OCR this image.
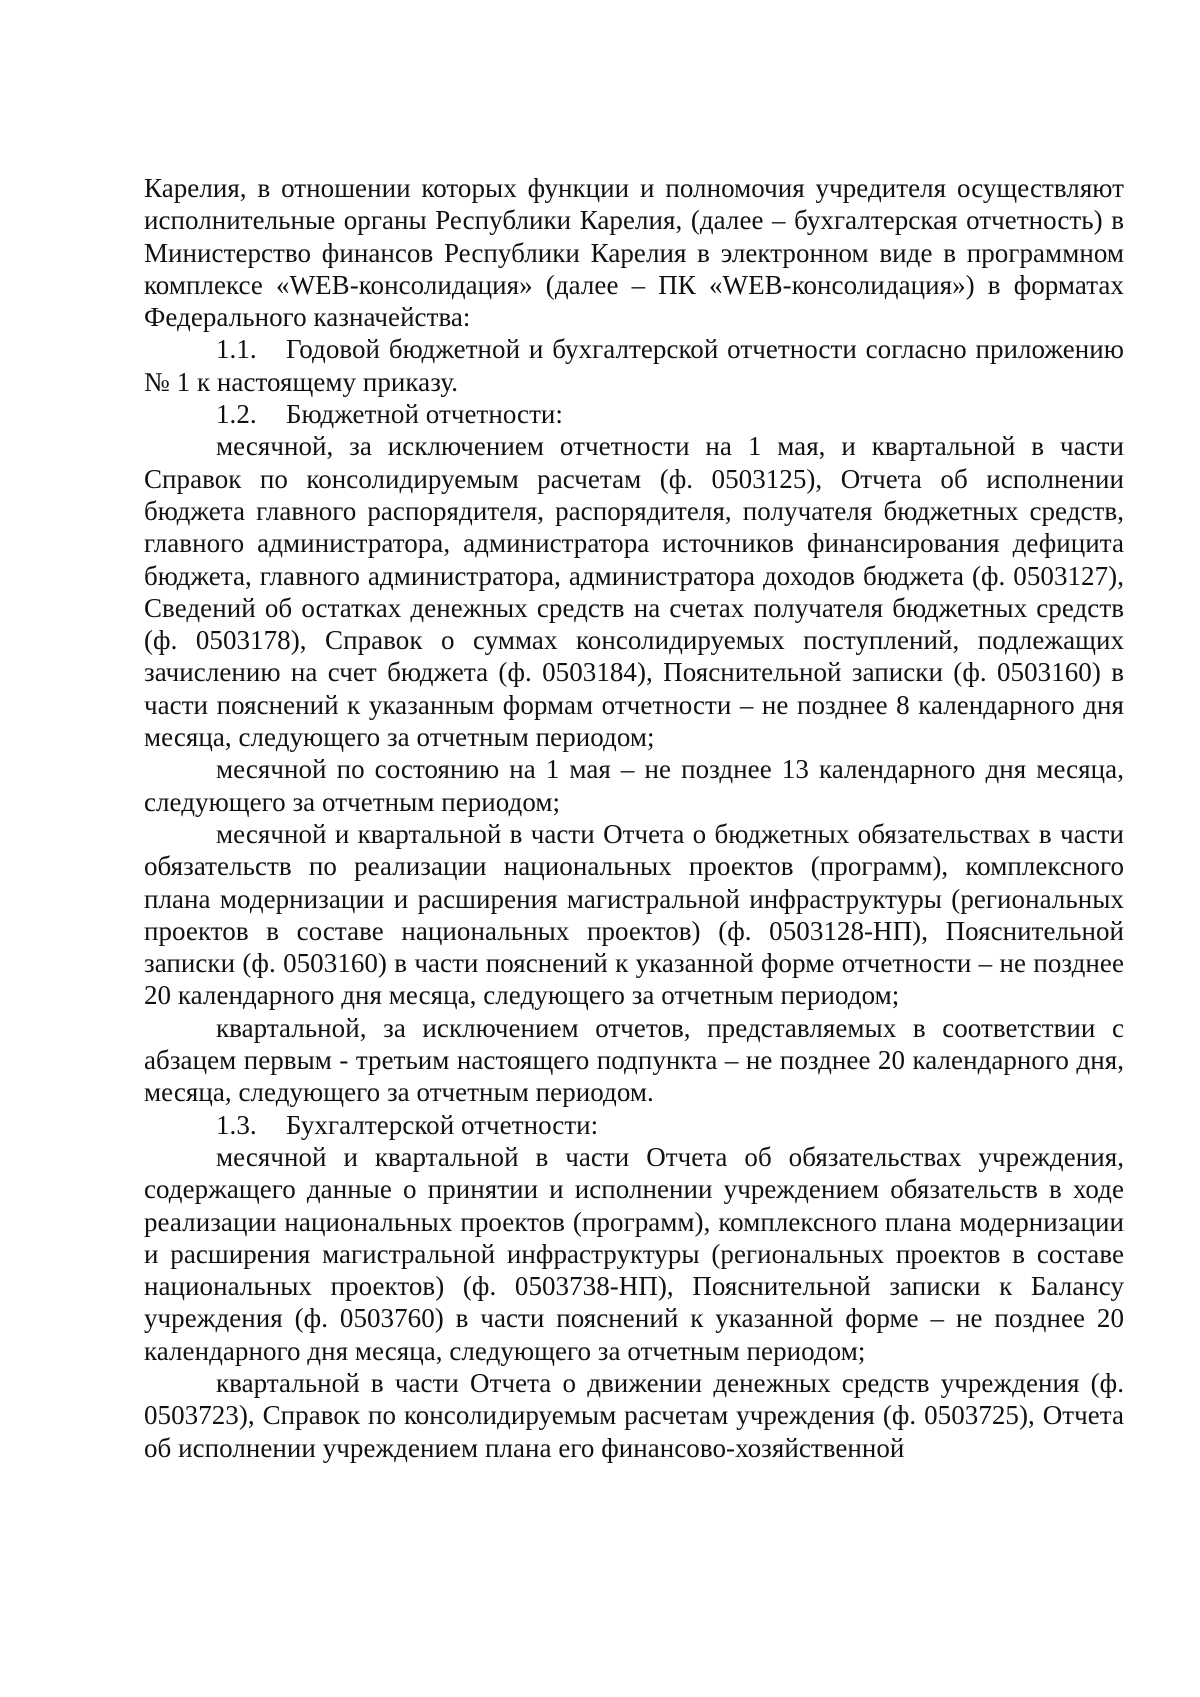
Карелия, в отношении которых функции и полномочия учредителя осуществляют исполнительные органы Республики Карелия, (далее – бухгалтерская отчетность) в Министерство финансов Республики Карелия в электронном виде в программном комплексе «WEB-консолидация» (далее – ПК «WEB-консолидация») в форматах Федерального казначейства:

1.1. Годовой бюджетной и бухгалтерской отчетности согласно приложению № 1 к настоящему приказу.

1.2. Бюджетной отчетности:

месячной, за исключением отчетности на 1 мая, и квартальной в части Справок по консолидируемым расчетам (ф. 0503125), Отчета об исполнении бюджета главного распорядителя, распорядителя, получателя бюджетных средств, главного администратора, администратора источников финансирования дефицита бюджета, главного администратора, администратора доходов бюджета (ф. 0503127), Сведений об остатках денежных средств на счетах получателя бюджетных средств (ф. 0503178), Справок о суммах консолидируемых поступлений, подлежащих зачислению на счет бюджета (ф. 0503184), Пояснительной записки (ф. 0503160) в части пояснений к указанным формам отчетности – не позднее 8 календарного дня месяца, следующего за отчетным периодом;

месячной по состоянию на 1 мая – не позднее 13 календарного дня месяца, следующего за отчетным периодом;

месячной и квартальной в части Отчета о бюджетных обязательствах в части обязательств по реализации национальных проектов (программ), комплексного плана модернизации и расширения магистральной инфраструктуры (региональных проектов в составе национальных проектов) (ф. 0503128-НП), Пояснительной записки (ф. 0503160) в части пояснений к указанной форме отчетности – не позднее 20 календарного дня месяца, следующего за отчетным периодом;

квартальной, за исключением отчетов, представляемых в соответствии с абзацем первым - третьим настоящего подпункта – не позднее 20 календарного дня, месяца, следующего за отчетным периодом.

1.3. Бухгалтерской отчетности:

месячной и квартальной в части Отчета об обязательствах учреждения, содержащего данные о принятии и исполнении учреждением обязательств в ходе реализации национальных проектов (программ), комплексного плана модернизации и расширения магистральной инфраструктуры (региональных проектов в составе национальных проектов) (ф. 0503738-НП), Пояснительной записки к Балансу учреждения (ф. 0503760) в части пояснений к указанной форме – не позднее 20 календарного дня месяца, следующего за отчетным периодом;

квартальной в части Отчета о движении денежных средств учреждения (ф. 0503723), Справок по консолидируемым расчетам учреждения (ф. 0503725), Отчета об исполнении учреждением плана его финансово-хозяйственной
